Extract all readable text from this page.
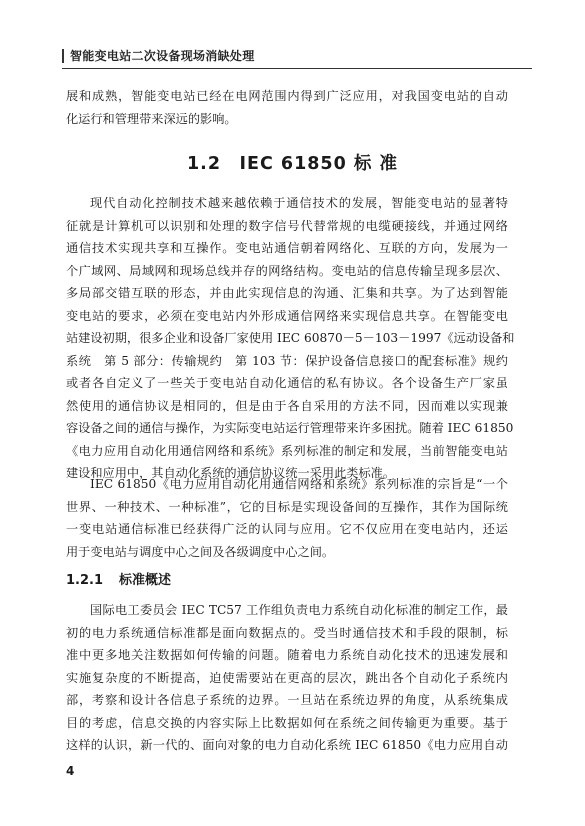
智能变电站二次设备现场消缺处理
展和成熟，智能变电站已经在电网范围内得到广泛应用，对我国变电站的自动
化运行和管理带来深远的影响。
1.2　IEC 61850 标 准
现代自动化控制技术越来越依赖于通信技术的发展，智能变电站的显著特
征就是计算机可以识别和处理的数字信号代替常规的电缆硬接线，并通过网络
通信技术实现共享和互操作。变电站通信朝着网络化、互联的方向，发展为一
个广域网、局域网和现场总线并存的网络结构。变电站的信息传输呈现多层次、
多局部交错互联的形态，并由此实现信息的沟通、汇集和共享。为了达到智能
变电站的要求，必须在变电站内外形成通信网络来实现信息共享。在智能变电
站建设初期，很多企业和设备厂家使用 IEC 60870－5－103－1997《远动设备和
系统　第 5 部分：传输规约　第 103 节：保护设备信息接口的配套标准》规约
或者各自定义了一些关于变电站自动化通信的私有协议。各个设备生产厂家虽
然使用的通信协议是相同的，但是由于各自采用的方法不同，因而难以实现兼
容设备之间的通信与操作，为实际变电站运行管理带来许多困扰。随着 IEC 61850
《电力应用自动化用通信网络和系统》系列标准的制定和发展，当前智能变电站
建设和应用中，其自动化系统的通信协议统一采用此类标准。
IEC 61850《电力应用自动化用通信网络和系统》系列标准的宗旨是“一个
世界、一种技术、一种标准”，它的目标是实现设备间的互操作，其作为国际统
一变电站通信标准已经获得广泛的认同与应用。它不仅应用在变电站内，还运
用于变电站与调度中心之间及各级调度中心之间。
1.2.1 标准概述
国际电工委员会 IEC TC57 工作组负责电力系统自动化标准的制定工作，最
初的电力系统通信标准都是面向数据点的。受当时通信技术和手段的限制，标
准中更多地关注数据如何传输的问题。随着电力系统自动化技术的迅速发展和
实施复杂度的不断提高，迫使需要站在更高的层次，跳出各个自动化子系统内
部，考察和设计各信息子系统的边界。一旦站在系统边界的角度，从系统集成
目的考虑，信息交换的内容实际上比数据如何在系统之间传输更为重要。基于
这样的认识，新一代的、面向对象的电力自动化系统 IEC 61850《电力应用自动
4
